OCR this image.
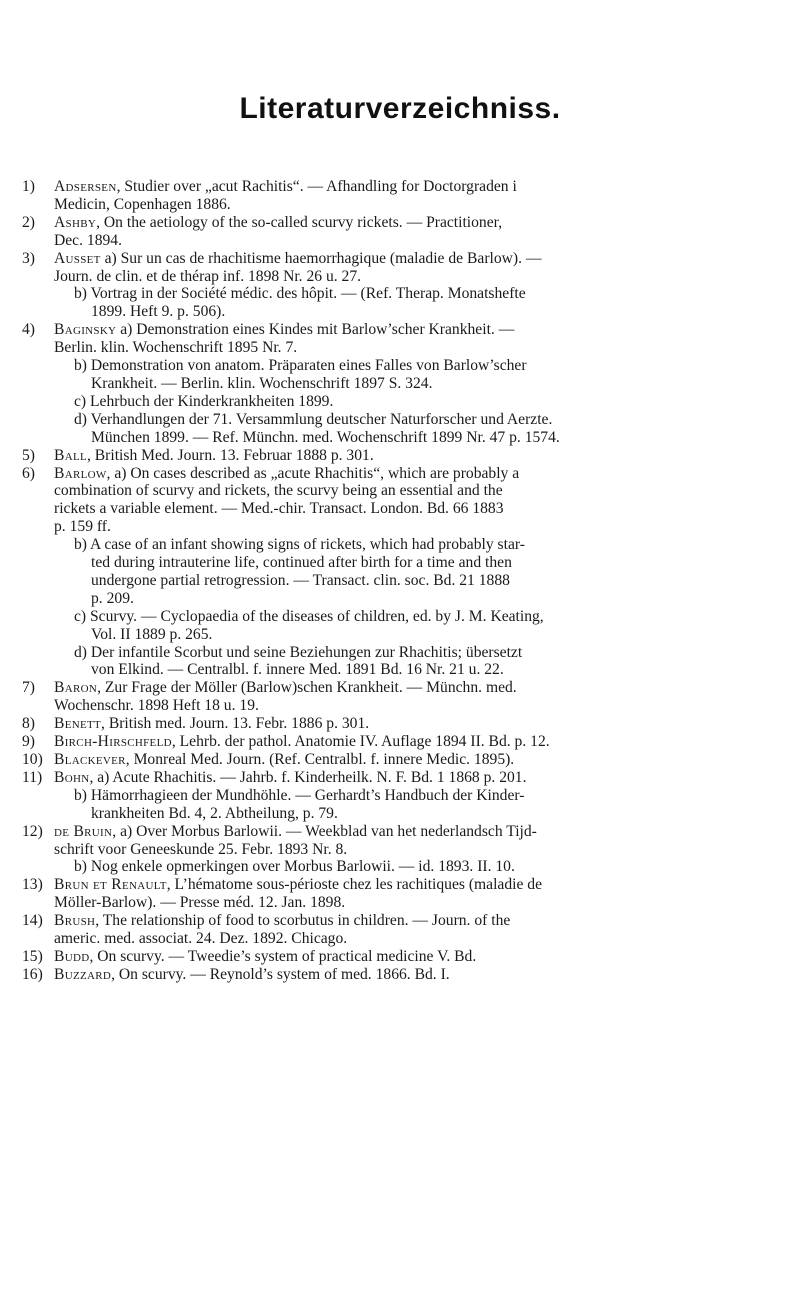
Literaturverzeichniss.
1) Adsersen, Studier over „acut Rachitis“. — Afhandling for Doctorgraden i
Medicin, Copenhagen 1886.
2) Ashby, On the aetiology of the so-called scurvy rickets. — Practitioner,
Dec. 1894.
3) Ausset a) Sur un cas de rhachitisme haemorrhagique (maladie de Barlow). —
Journ. de clin. et de thérap inf. 1898 Nr. 26 u. 27.
b) Vortrag in der Société médic. des hôpit. — (Ref. Therap. Monatshefte
1899. Heft 9. p. 506).
4) Baginsky a) Demonstration eines Kindes mit Barlow’scher Krankheit. —
Berlin. klin. Wochenschrift 1895 Nr. 7.
b) Demonstration von anatom. Präparaten eines Falles von Barlow’scher
Krankheit. — Berlin. klin. Wochenschrift 1897 S. 324.
c) Lehrbuch der Kinderkrankheiten 1899.
d) Verhandlungen der 71. Versammlung deutscher Naturforscher und Aerzte.
München 1899. — Ref. Münchn. med. Wochenschrift 1899 Nr. 47 p. 1574.
5) Ball, British Med. Journ. 13. Februar 1888 p. 301.
6) Barlow, a) On cases described as „acute Rhachitis“, which are probably a
combination of scurvy and rickets, the scurvy being an essential and the
rickets a variable element. — Med.-chir. Transact. London. Bd. 66 1883
p. 159 ff.
b) A case of an infant showing signs of rickets, which had probably star-
ted during intrauterine life, continued after birth for a time and then
undergone partial retrogression. — Transact. clin. soc. Bd. 21 1888
p. 209.
c) Scurvy. — Cyclopaedia of the diseases of children, ed. by J. M. Keating,
Vol. II 1889 p. 265.
d) Der infantile Scorbut und seine Beziehungen zur Rhachitis; übersetzt
von Elkind. — Centralbl. f. innere Med. 1891 Bd. 16 Nr. 21 u. 22.
7) Baron, Zur Frage der Möller (Barlow)schen Krankheit. — Münchn. med.
Wochenschr. 1898 Heft 18 u. 19.
8) Benett, British med. Journ. 13. Febr. 1886 p. 301.
9) Birch-Hirschfeld, Lehrb. der pathol. Anatomie IV. Auflage 1894 II. Bd. p. 12.
10) Blackever, Monreal Med. Journ. (Ref. Centralbl. f. innere Medic. 1895).
11) Bohn, a) Acute Rhachitis. — Jahrb. f. Kinderheilk. N. F. Bd. 1 1868 p. 201.
b) Hämorrhagieen der Mundhöhle. — Gerhardt’s Handbuch der Kinder-
krankheiten Bd. 4, 2. Abtheilung, p. 79.
12) de Bruin, a) Over Morbus Barlowii. — Weekblad van het nederlandsch Tijd-
schrift voor Geneeskunde 25. Febr. 1893 Nr. 8.
b) Nog enkele opmerkingen over Morbus Barlowii. — id. 1893. II. 10.
13) Brun et Renault, L’hématome sous-périoste chez les rachitiques (maladie de
Möller-Barlow). — Presse méd. 12. Jan. 1898.
14) Brush, The relationship of food to scorbutus in children. — Journ. of the
americ. med. associat. 24. Dez. 1892. Chicago.
15) Budd, On scurvy. — Tweedie’s system of practical medicine V. Bd.
16) Buzzard, On scurvy. — Reynold’s system of med. 1866. Bd. I.
